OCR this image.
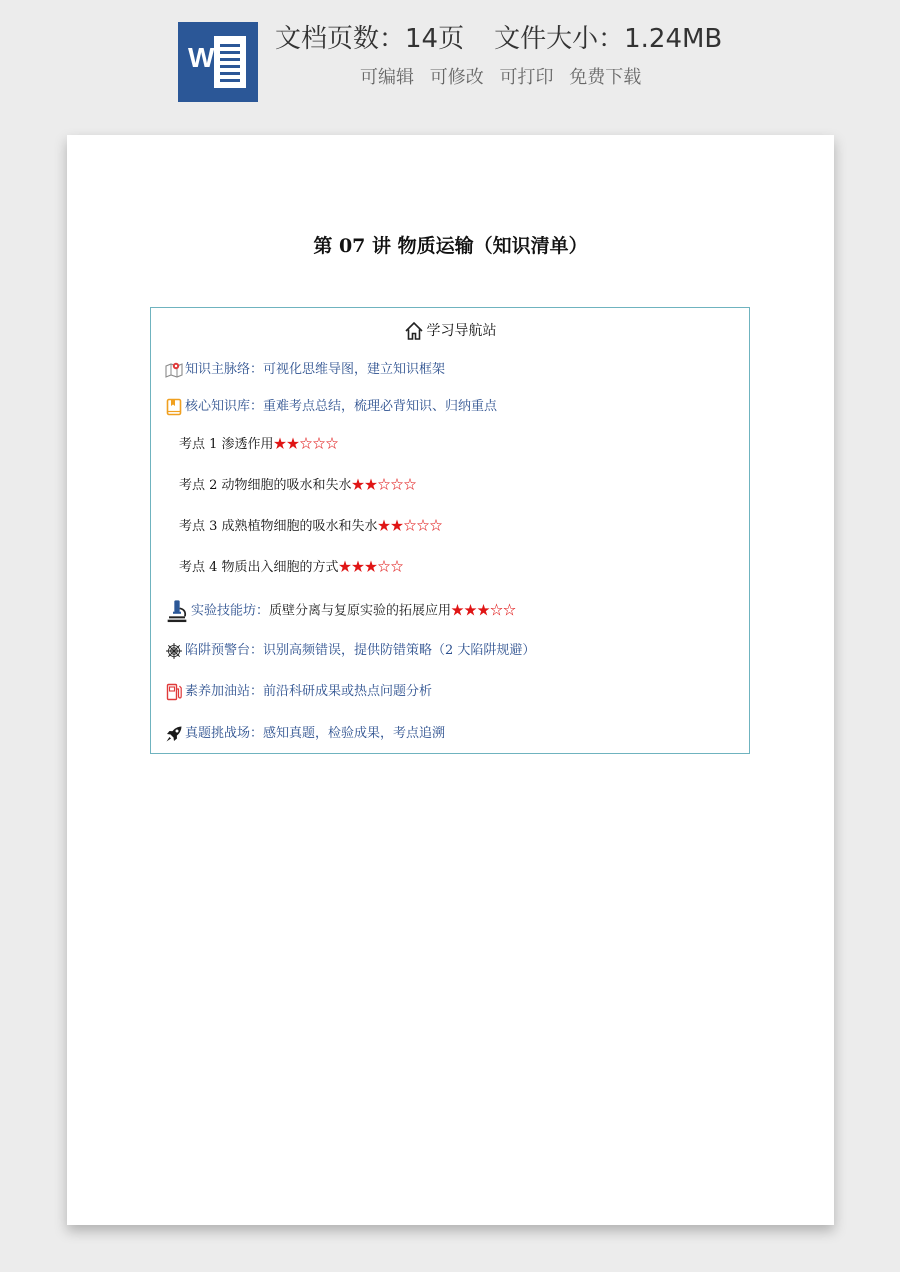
W
文档页数：14页 文件大小：1.24MB
可编辑 可修改 可打印 免费下载
第 07 讲 物质运输（知识清单）
学习导航站
知识主脉络：可视化思维导图，建立知识框架
核心知识库：重难考点总结，梳理必背知识、归纳重点
考点 1 渗透作用★★☆☆☆
考点 2 动物细胞的吸水和失水★★☆☆☆
考点 3 成熟植物细胞的吸水和失水★★☆☆☆
考点 4 物质出入细胞的方式★★★☆☆
实验技能坊：质壁分离与复原实验的拓展应用★★★☆☆
陷阱预警台：识别高频错误，提供防错策略（2 大陷阱规避）
素养加油站：前沿科研成果或热点问题分析
真题挑战场：感知真题，检验成果，考点追溯
